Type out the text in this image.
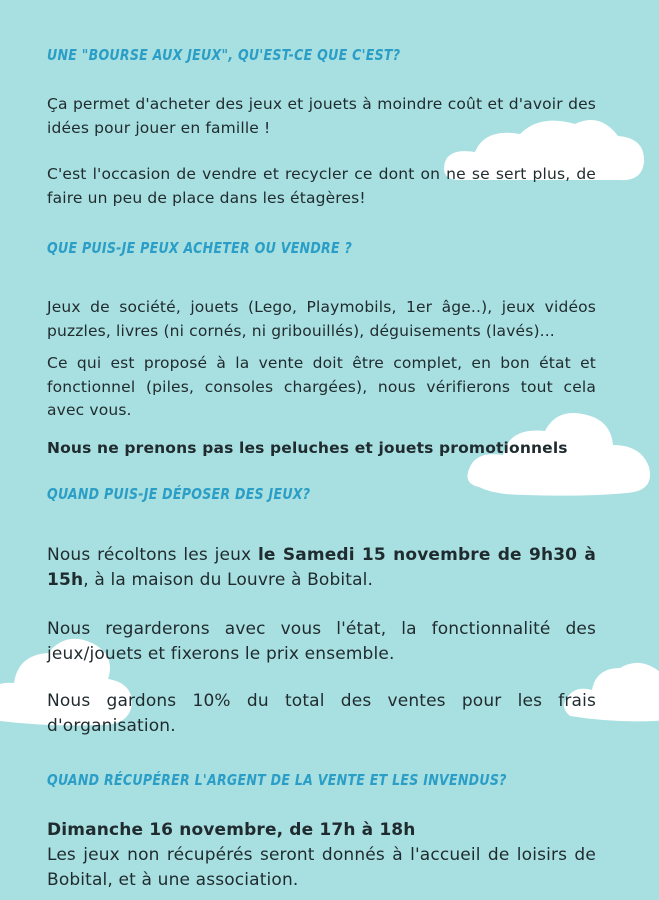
UNE "BOURSE AUX JEUX", QU'EST-CE QUE C'EST?
Ça permet d'acheter des jeux et jouets à moindre coût et d'avoir des idées pour jouer en famille !
C'est l'occasion de vendre et recycler ce dont on ne se sert plus, de faire un peu de place dans les étagères!
QUE PUIS-JE PEUX ACHETER OU VENDRE ?
Jeux de société, jouets (Lego, Playmobils, 1er âge..), jeux vidéos puzzles, livres (ni cornés, ni gribouillés), déguisements (lavés)...
Ce qui est proposé à la vente doit être complet, en bon état et fonctionnel (piles, consoles chargées), nous vérifierons tout cela avec vous.
Nous ne prenons pas les peluches et jouets promotionnels
QUAND PUIS-JE DÉPOSER DES JEUX?
Nous récoltons les jeux le Samedi 15 novembre de 9h30 à 15h, à la maison du Louvre à Bobital.
Nous regarderons avec vous l'état, la fonctionnalité des jeux/jouets et fixerons le prix ensemble.
Nous gardons 10% du total des ventes pour les frais d'organisation.
QUAND RÉCUPÉRER L'ARGENT DE LA VENTE ET LES INVENDUS?
Dimanche 16 novembre, de 17h à 18h
Les jeux non récupérés seront donnés à l'accueil de loisirs de Bobital, et à une association.
